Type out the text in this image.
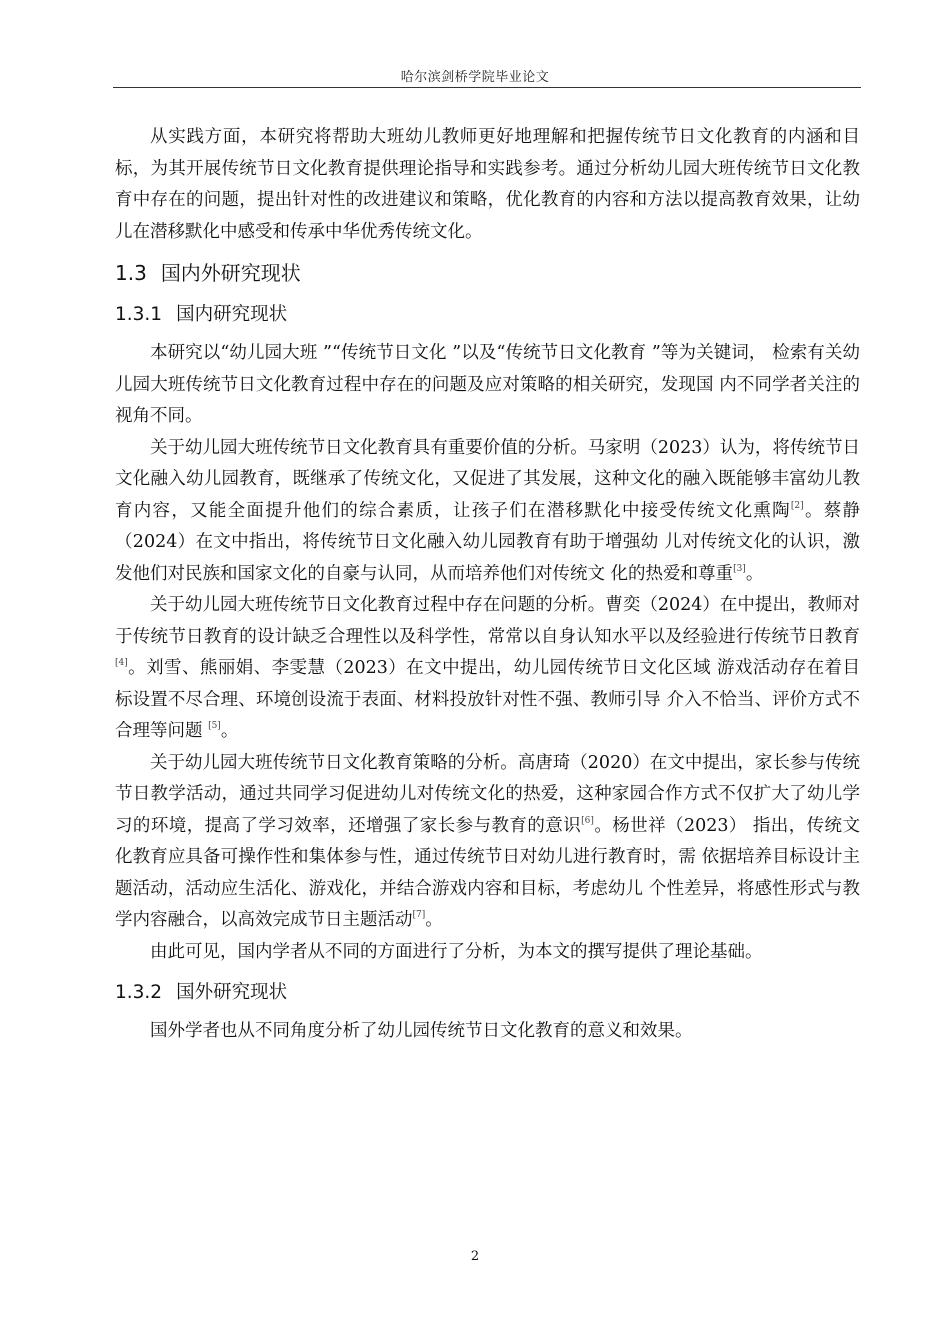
哈尔滨剑桥学院毕业论文

从实践方面，本研究将帮助大班幼儿教师更好地理解和把握传统节日文化教育的内涵和目标，为其开展传统节日文化教育提供理论指导和实践参考。通过分析幼儿园大班传统节日文化教育中存在的问题，提出针对性的改进建议和策略，优化教育的内容和方法以提高教育效果，让幼儿在潜移默化中感受和传承中华优秀传统文化。

1.3 国内外研究现状
1.3.1 国内研究现状

本研究以“幼儿园大班 ”“传统节日文化 ”以及“传统节日文化教育 ”等为关键词， 检索有关幼儿园大班传统节日文化教育过程中存在的问题及应对策略的相关研究，发现国 内不同学者关注的视角不同。

关于幼儿园大班传统节日文化教育具有重要价值的分析。马家明（2023）认为，将传统节日文化融入幼儿园教育，既继承了传统文化，又促进了其发展，这种文化的融入既能够丰富幼儿教育内容，又能全面提升他们的综合素质，让孩子们在潜移默化中接受传统文化熏陶[2]。蔡静（2024）在文中指出，将传统节日文化融入幼儿园教育有助于增强幼 儿对传统文化的认识，激发他们对民族和国家文化的自豪与认同，从而培养他们对传统文 化的热爱和尊重[3]。

关于幼儿园大班传统节日文化教育过程中存在问题的分析。曹奕（2024）在中提出，教师对于传统节日教育的设计缺乏合理性以及科学性，常常以自身认知水平以及经验进行传统节日教育[4]。刘雪、熊丽娟、李雯慧（2023）在文中提出，幼儿园传统节日文化区域 游戏活动存在着目标设置不尽合理、环境创设流于表面、材料投放针对性不强、教师引导 介入不恰当、评价方式不合理等问题 [5]。

关于幼儿园大班传统节日文化教育策略的分析。高唐琦（2020）在文中提出，家长参与传统节日教学活动，通过共同学习促进幼儿对传统文化的热爱，这种家园合作方式不仅扩大了幼儿学习的环境，提高了学习效率，还增强了家长参与教育的意识[6]。杨世祥（2023） 指出，传统文化教育应具备可操作性和集体参与性，通过传统节日对幼儿进行教育时，需 依据培养目标设计主题活动，活动应生活化、游戏化，并结合游戏内容和目标，考虑幼儿 个性差异，将感性形式与教学内容融合，以高效完成节日主题活动[7]。

由此可见，国内学者从不同的方面进行了分析，为本文的撰写提供了理论基础。

1.3.2 国外研究现状

国外学者也从不同角度分析了幼儿园传统节日文化教育的意义和效果。

2
